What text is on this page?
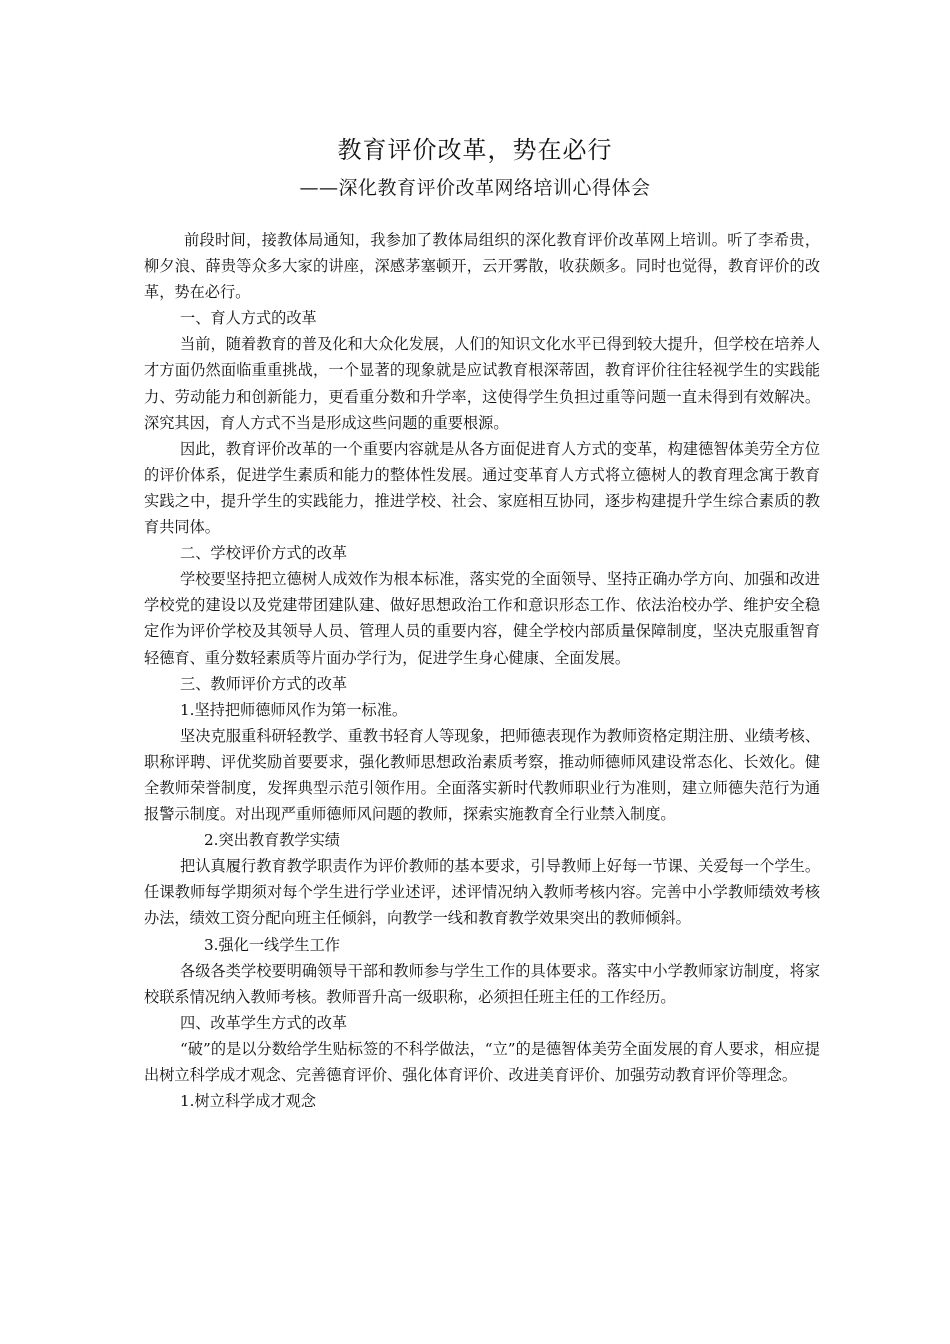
教育评价改革，势在必行
——深化教育评价改革网络培训心得体会

前段时间，接教体局通知，我参加了教体局组织的深化教育评价改革网上培训。听了李希贵，柳夕浪、薛贵等众多大家的讲座，深感茅塞顿开，云开雾散，收获颇多。同时也觉得，教育评价的改革，势在必行。

一、育人方式的改革

当前，随着教育的普及化和大众化发展，人们的知识文化水平已得到较大提升，但学校在培养人才方面仍然面临重重挑战，一个显著的现象就是应试教育根深蒂固，教育评价往往轻视学生的实践能力、劳动能力和创新能力，更看重分数和升学率，这使得学生负担过重等问题一直未得到有效解决。深究其因，育人方式不当是形成这些问题的重要根源。

因此，教育评价改革的一个重要内容就是从各方面促进育人方式的变革，构建德智体美劳全方位的评价体系，促进学生素质和能力的整体性发展。通过变革育人方式将立德树人的教育理念寓于教育实践之中，提升学生的实践能力，推进学校、社会、家庭相互协同，逐步构建提升学生综合素质的教育共同体。

二、学校评价方式的改革

学校要坚持把立德树人成效作为根本标准，落实党的全面领导、坚持正确办学方向、加强和改进学校党的建设以及党建带团建队建、做好思想政治工作和意识形态工作、依法治校办学、维护安全稳定作为评价学校及其领导人员、管理人员的重要内容，健全学校内部质量保障制度，坚决克服重智育轻德育、重分数轻素质等片面办学行为，促进学生身心健康、全面发展。

三、教师评价方式的改革

1.坚持把师德师风作为第一标准。

坚决克服重科研轻教学、重教书轻育人等现象，把师德表现作为教师资格定期注册、业绩考核、职称评聘、评优奖励首要要求，强化教师思想政治素质考察，推动师德师风建设常态化、长效化。健全教师荣誉制度，发挥典型示范引领作用。全面落实新时代教师职业行为准则，建立师德失范行为通报警示制度。对出现严重师德师风问题的教师，探索实施教育全行业禁入制度。

2.突出教育教学实绩

把认真履行教育教学职责作为评价教师的基本要求，引导教师上好每一节课、关爱每一个学生。任课教师每学期须对每个学生进行学业述评，述评情况纳入教师考核内容。完善中小学教师绩效考核办法，绩效工资分配向班主任倾斜，向教学一线和教育教学效果突出的教师倾斜。

3.强化一线学生工作

各级各类学校要明确领导干部和教师参与学生工作的具体要求。落实中小学教师家访制度，将家校联系情况纳入教师考核。教师晋升高一级职称，必须担任班主任的工作经历。

四、改革学生方式的改革

“破”的是以分数给学生贴标签的不科学做法，“立”的是德智体美劳全面发展的育人要求，相应提出树立科学成才观念、完善德育评价、强化体育评价、改进美育评价、加强劳动教育评价等理念。

1.树立科学成才观念
